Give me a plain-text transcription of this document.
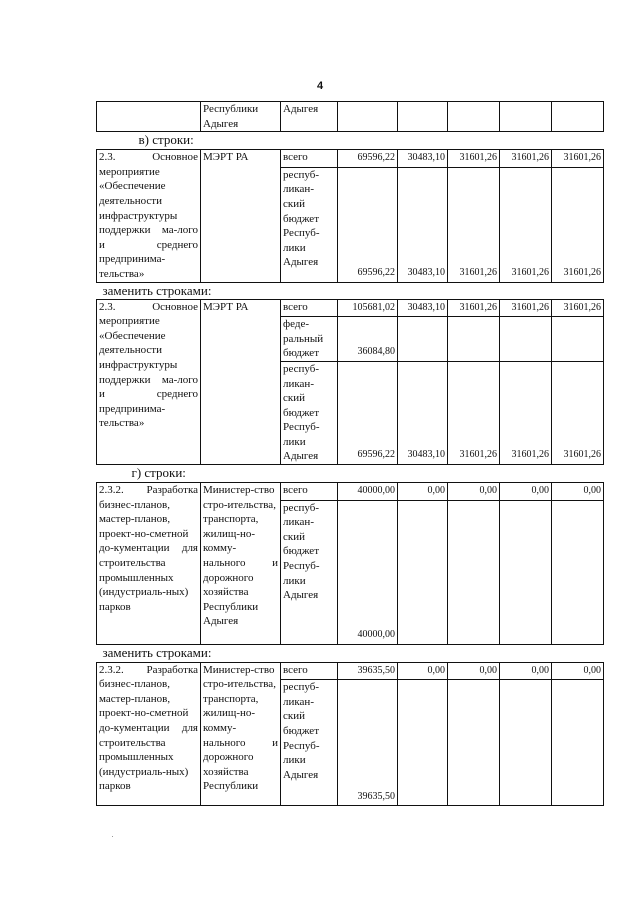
4
	Республики Адыгея	Адыгея					
в) строки:							
2.3. Основное мероприятие «Обеспечение деятельности инфраструктуры поддержки ма-лого и среднего предпринима-тельства»	МЭРТ РА	всего	69596,22	30483,10	31601,26	31601,26	31601,26
		респуб-ликан-ский бюджет Респуб-лики Адыгея	69596,22	30483,10	31601,26	31601,26	31601,26
заменить строками:							
2.3. Основное мероприятие «Обеспечение деятельности инфраструктуры поддержки ма-лого и среднего предпринима-тельства»	МЭРТ РА	всего	105681,02	30483,10	31601,26	31601,26	31601,26
		феде-ральный бюджет	36084,80				
		респуб-ликан-ский бюджет Респуб-лики Адыгея	69596,22	30483,10	31601,26	31601,26	31601,26
г) строки:							
2.3.2. Разработка бизнес-планов, мастер-планов, проект-но-сметной до-кументации для строительства промышленных (индустриаль-ных) парков	Министер-ство стро-ительства, транспорта, жилищ-но-комму-нального и дорожного хозяйства Республики Адыгея	всего	40000,00	0,00	0,00	0,00	0,00
		респуб-ликан-ский бюджет Респуб-лики Адыгея	40000,00				
заменить строками:							
2.3.2. Разработка бизнес-планов, мастер-планов, проект-но-сметной до-кументации для строительства промышленных (индустриаль-ных) парков	Министер-ство стро-ительства, транспорта, жилищ-но-комму-нального и дорожного хозяйства Республики	всего	39635,50	0,00	0,00	0,00	0,00
		респуб-ликан-ский бюджет Респуб-лики Адыгея	39635,50				
